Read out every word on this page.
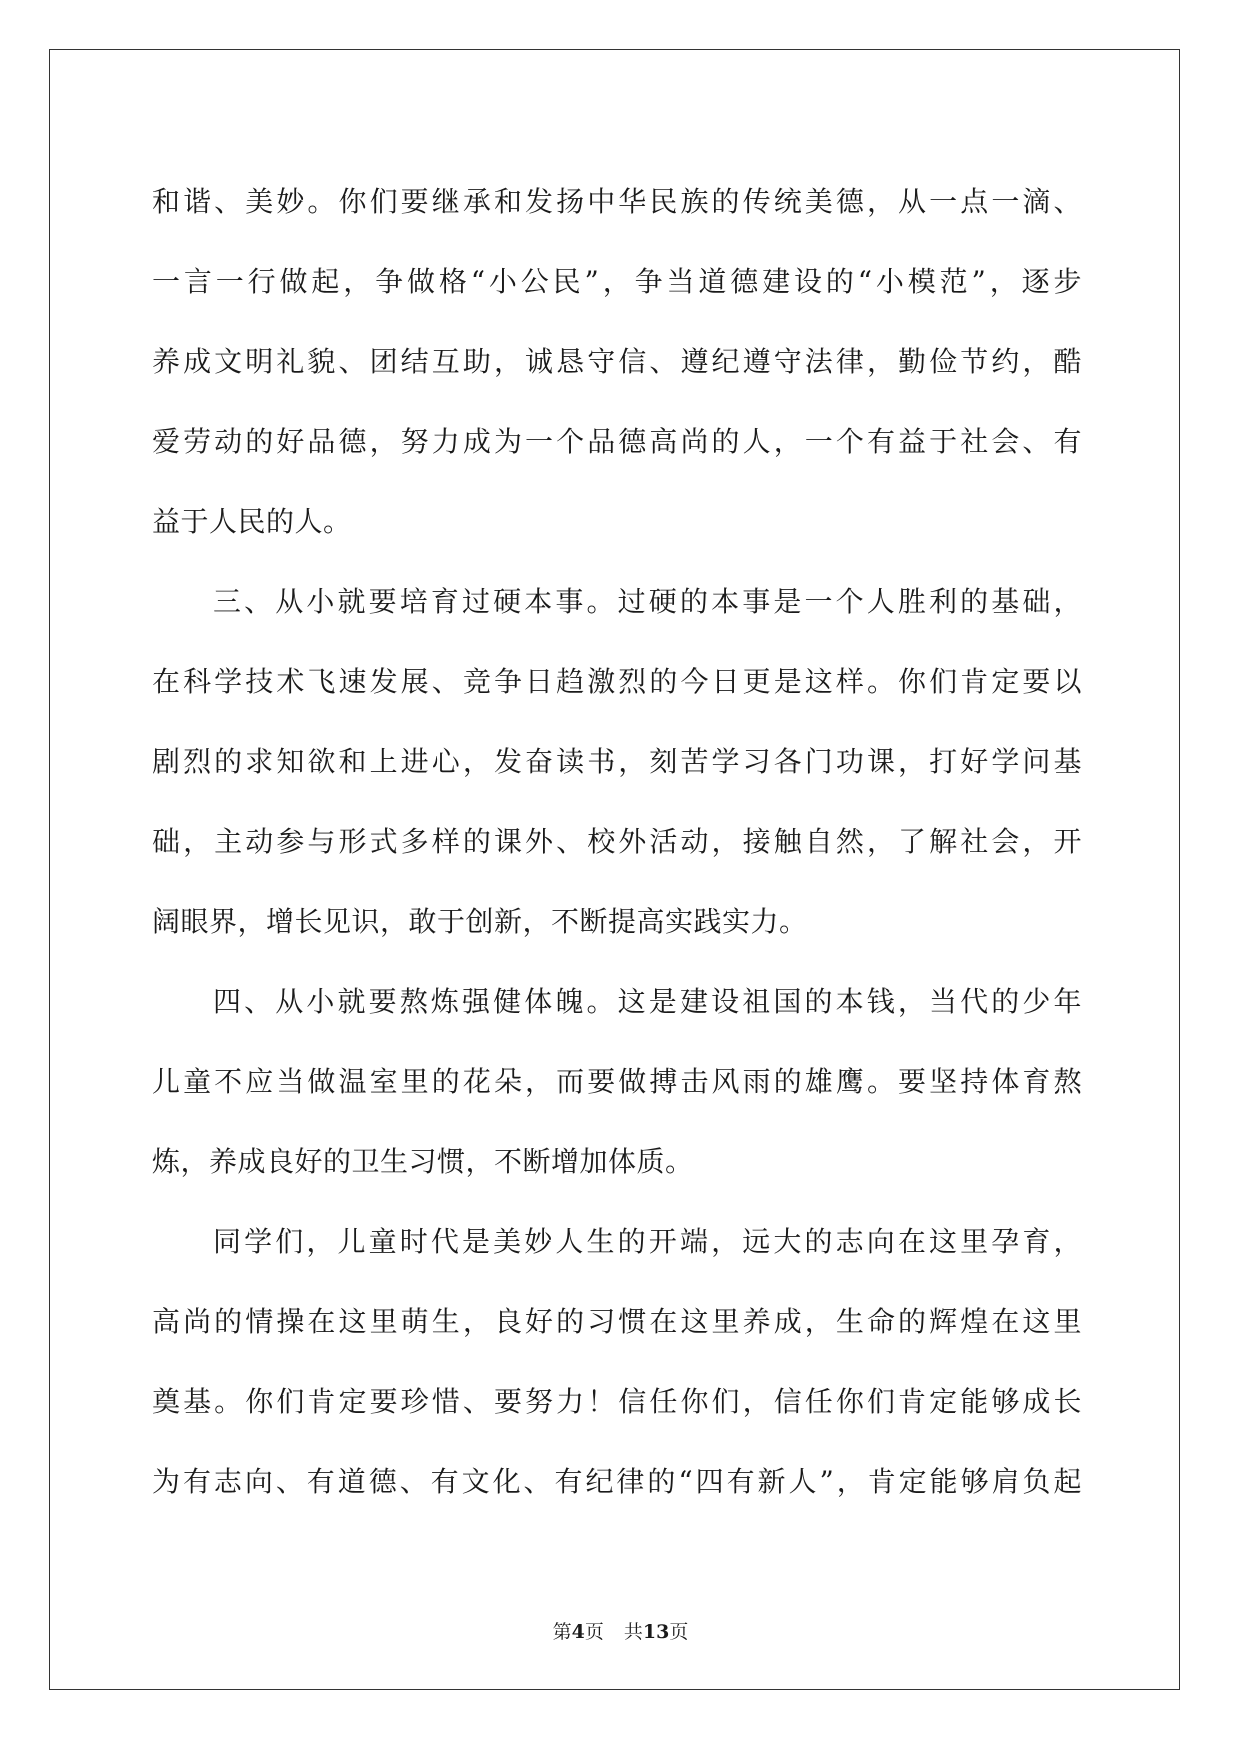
和谐、美妙。你们要继承和发扬中华民族的传统美德，从一点一滴、
一言一行做起，争做格“小公民”，争当道德建设的“小模范”，逐步
养成文明礼貌、团结互助，诚恳守信、遵纪遵守法律，勤俭节约，酷
爱劳动的好品德，努力成为一个品德高尚的人，一个有益于社会、有
益于人民的人。
三、从小就要培育过硬本事。过硬的本事是一个人胜利的基础，
在科学技术飞速发展、竞争日趋激烈的今日更是这样。你们肯定要以
剧烈的求知欲和上进心，发奋读书，刻苦学习各门功课，打好学问基
础，主动参与形式多样的课外、校外活动，接触自然，了解社会，开
阔眼界，增长见识，敢于创新，不断提高实践实力。
四、从小就要熬炼强健体魄。这是建设祖国的本钱，当代的少年
儿童不应当做温室里的花朵，而要做搏击风雨的雄鹰。要坚持体育熬
炼，养成良好的卫生习惯，不断增加体质。
同学们，儿童时代是美妙人生的开端，远大的志向在这里孕育，
高尚的情操在这里萌生，良好的习惯在这里养成，生命的辉煌在这里
奠基。你们肯定要珍惜、要努力！信任你们，信任你们肯定能够成长
为有志向、有道德、有文化、有纪律的“四有新人”，肯定能够肩负起
第4页 共13页
